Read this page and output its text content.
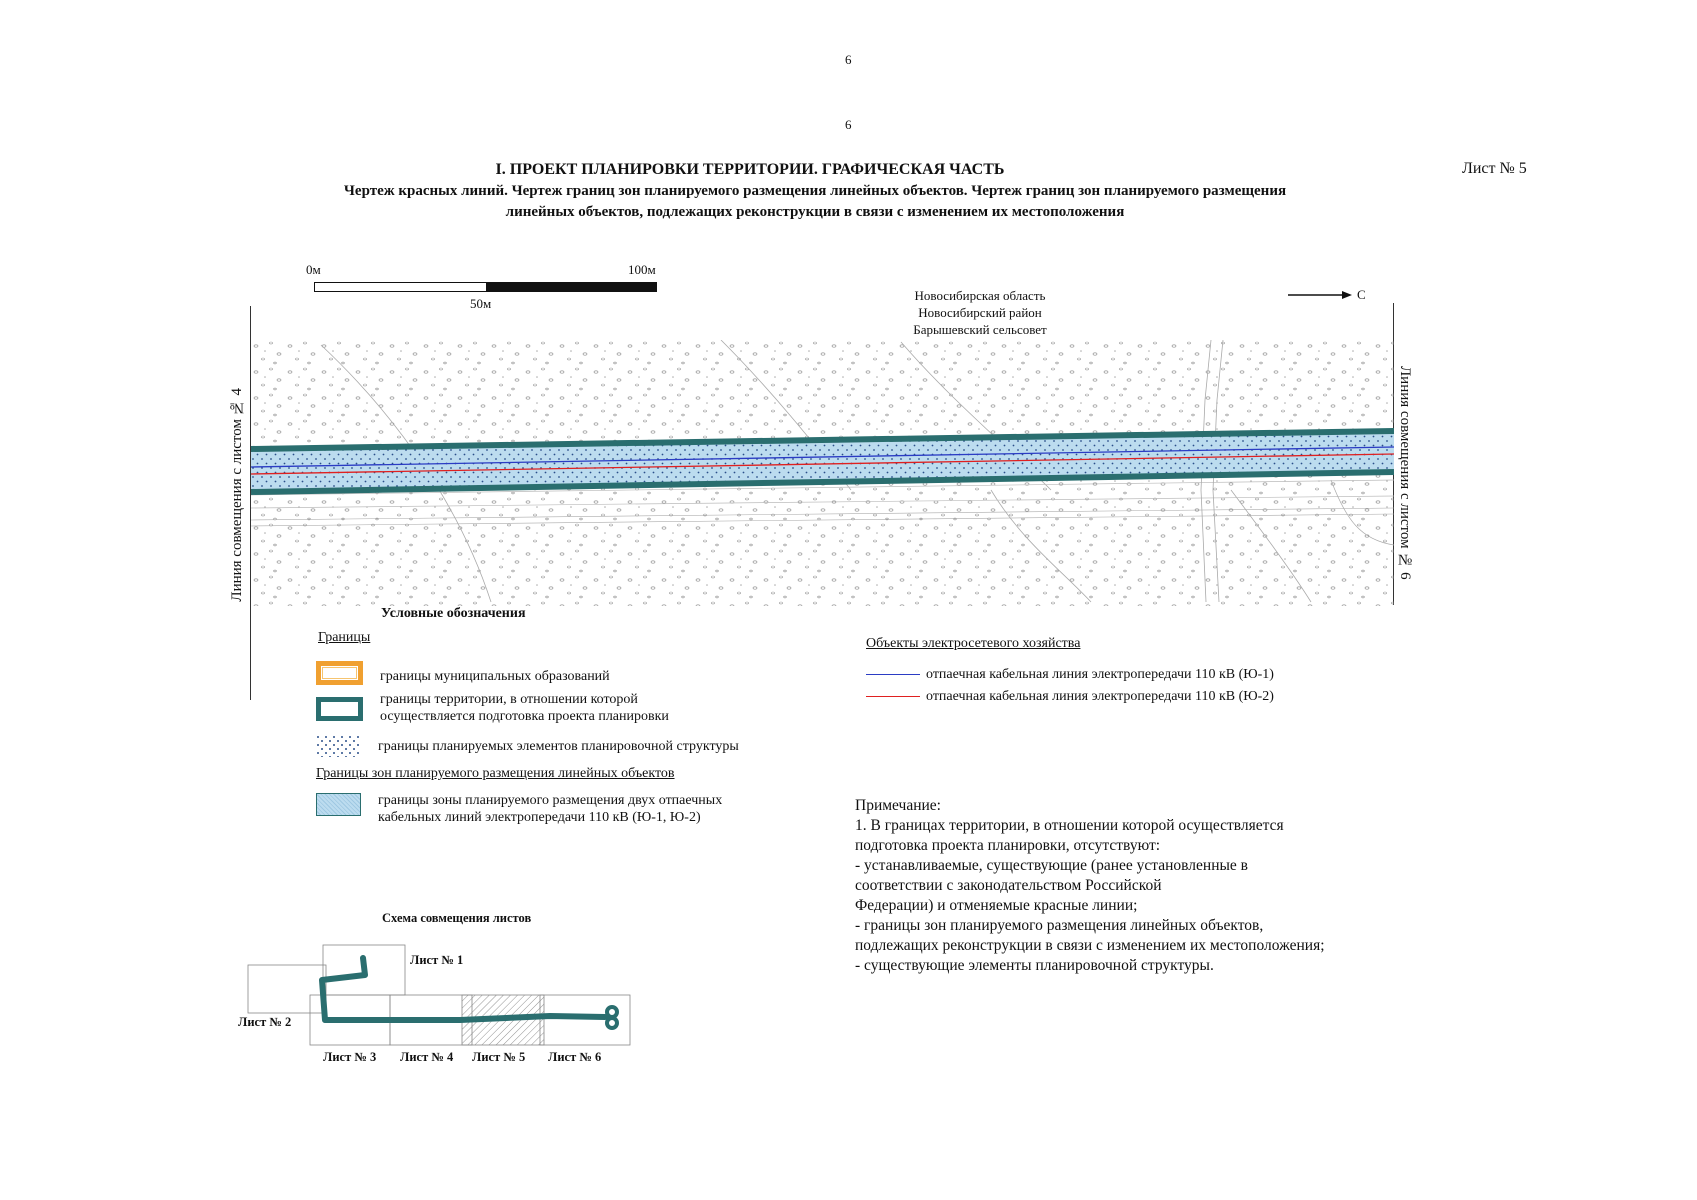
6
6
I. ПРОЕКТ ПЛАНИРОВКИ ТЕРРИТОРИИ. ГРАФИЧЕСКАЯ ЧАСТЬ
Чертеж красных линий. Чертеж границ зон планируемого размещения линейных объектов. Чертеж границ зон планируемого размещения
линейных объектов, подлежащих реконструкции в связи с изменением их местоположения
Лист № 5
0м	100м
50м
Новосибирская область
Новосибирский район
Барышевский сельсовет
С
Линия совмещения с листом № 4	Линия совмещения с листом № 6
Условные обозначения
Границы
границы муниципальных образований
границы территории, в отношении которой осуществляется подготовка проекта планировки
границы планируемых элементов планировочной структуры
Границы зон планируемого размещения линейных объектов
границы зоны планируемого размещения двух отпаечных кабельных линий электропередачи 110 кВ (Ю-1, Ю-2)
Объекты электросетевого хозяйства
отпаечная кабельная линия электропередачи 110 кВ (Ю-1)
отпаечная кабельная линия электропередачи 110 кВ (Ю-2)
Примечание:
1. В границах территории, в отношении которой осуществляется
подготовка проекта планировки, отсутствуют:
- устанавливаемые, существующие (ранее установленные в
соответствии с законодательством Российской
Федерации) и отменяемые красные линии;
- границы зон планируемого размещения линейных объектов,
подлежащих реконструкции в связи с изменением их местоположения;
- существующие элементы планировочной структуры.
Схема совмещения листов
Лист № 1
Лист № 2
Лист № 3 Лист № 4 Лист № 5 Лист № 6
